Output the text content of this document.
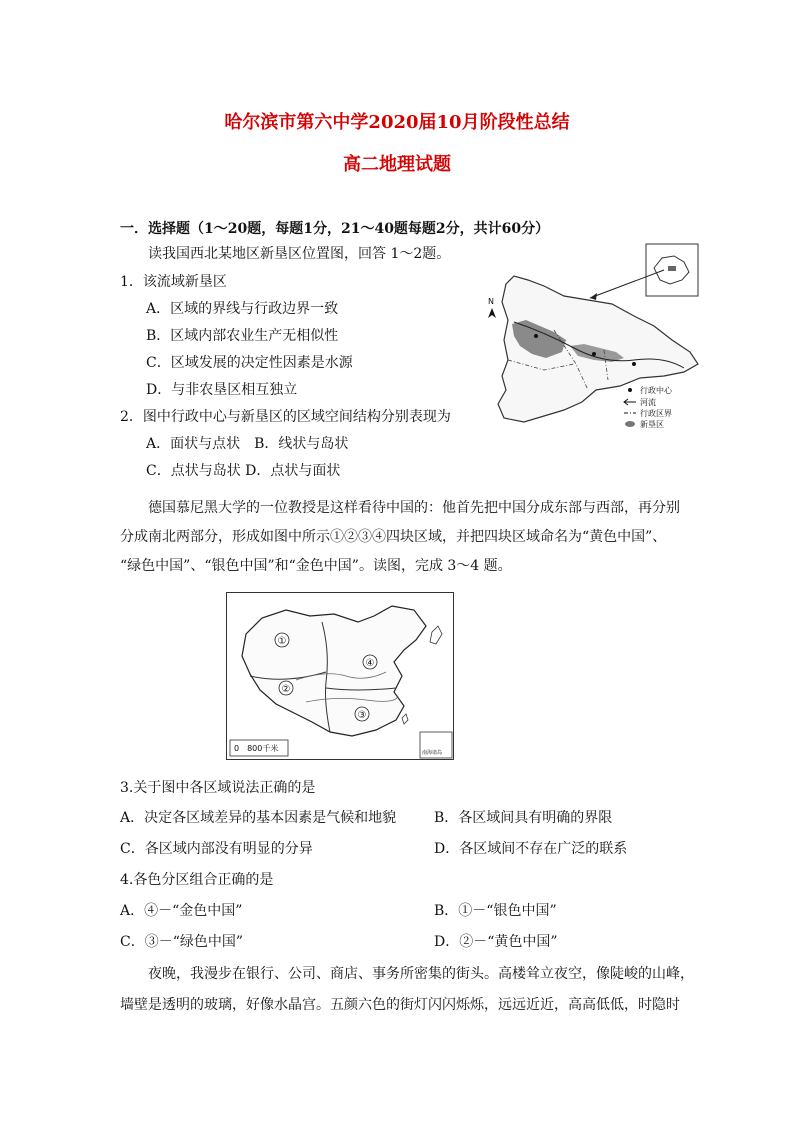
哈尔滨市第六中学2020届10月阶段性总结
高二地理试题
一．选择题（1～20题，每题1分，21～40题每题2分，共计60分）
读我国西北某地区新垦区位置图，回答 1～2题。
1．该流域新垦区
A．区域的界线与行政边界一致
B．区域内部农业生产无相似性
C．区域发展的决定性因素是水源
D．与非农垦区相互独立
2．图中行政中心与新垦区的区域空间结构分别表现为
A．面状与点状　B．线状与岛状
C．点状与岛状 D．点状与面状
N
行政中心
河流
行政区界
新垦区
德国慕尼黑大学的一位教授是这样看待中国的：他首先把中国分成东部与西部，再分别
分成南北两部分，形成如图中所示①②③④四块区域，并把四块区域命名为“黄色中国”、
“绿色中国”、“银色中国”和“金色中国”。读图，完成 3～4 题。
①
②
③
④
0　800千米	南海诸岛
3.关于图中各区域说法正确的是
A．决定各区域差异的基本因素是气候和地貌	B．各区域间具有明确的界限
C．各区域内部没有明显的分异	D．各区域间不存在广泛的联系
4.各色分区组合正确的是
A．④－“金色中国”	B．①－“银色中国”
C．③－“绿色中国”	D．②－“黄色中国”
夜晚，我漫步在银行、公司、商店、事务所密集的街头。高楼耸立夜空，像陡峻的山峰，
墙壁是透明的玻璃，好像水晶宫。五颜六色的街灯闪闪烁烁，远远近近，高高低低，时隐时
